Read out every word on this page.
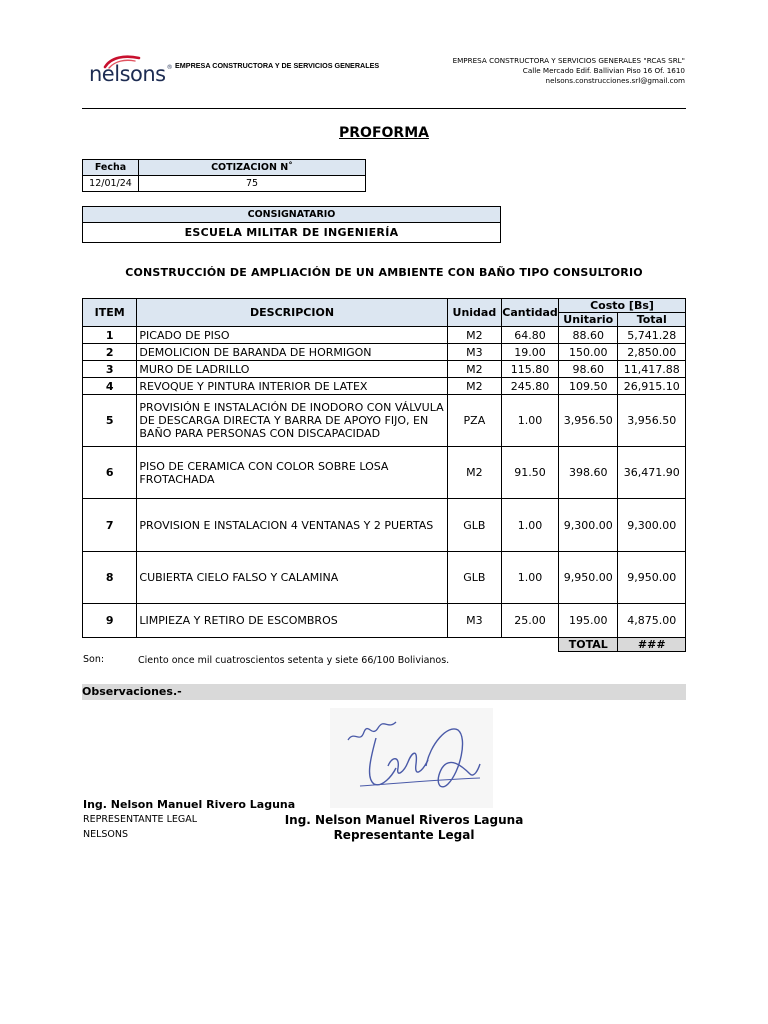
nelsons® EMPRESA CONSTRUCTORA Y DE SERVICIOS GENERALES
EMPRESA CONSTRUCTORA Y SERVICIOS GENERALES "RCAS SRL"
Calle Mercado Edif. Ballivian Piso 16 Of. 1610
nelsons.construcciones.srl@gmail.com
PROFORMA
Fecha	COTIZACION N˚
12/01/24	75
CONSIGNATARIO
ESCUELA MILITAR DE INGENIERÍA
CONSTRUCCIÓN DE AMPLIACIÓN DE UN AMBIENTE CON BAÑO TIPO CONSULTORIO
ITEM	DESCRIPCION	Unidad	Cantidad	Costo [Bs]	
				Unitario	Total
1	PICADO DE PISO	M2	64.80	88.60	5,741.28
2	DEMOLICION DE BARANDA DE HORMIGON	M3	19.00	150.00	2,850.00
3	MURO DE LADRILLO	M2	115.80	98.60	11,417.88
4	REVOQUE Y PINTURA INTERIOR DE LATEX	M2	245.80	109.50	26,915.10
5	PROVISIÓN E INSTALACIÓN DE INODORO CON VÁLVULA DE DESCARGA DIRECTA Y BARRA DE APOYO FIJO, EN BAÑO PARA PERSONAS CON DISCAPACIDAD	PZA	1.00	3,956.50	3,956.50
6	PISO DE CERAMICA CON COLOR SOBRE LOSA FROTACHADA	M2	91.50	398.60	36,471.90
7	PROVISION E INSTALACION 4 VENTANAS Y 2 PUERTAS	GLB	1.00	9,300.00	9,300.00
8	CUBIERTA CIELO FALSO Y CALAMINA	GLB	1.00	9,950.00	9,950.00
9	LIMPIEZA Y RETIRO DE ESCOMBROS	M3	25.00	195.00	4,875.00
				TOTAL	###
Son:	Ciento once mil cuatroscientos setenta y siete 66/100 Bolivianos.
Observaciones.-
Ing. Nelson Manuel Rivero Laguna
REPRESENTANTE LEGAL
NELSONS
Ing. Nelson Manuel Riveros Laguna
Representante Legal
